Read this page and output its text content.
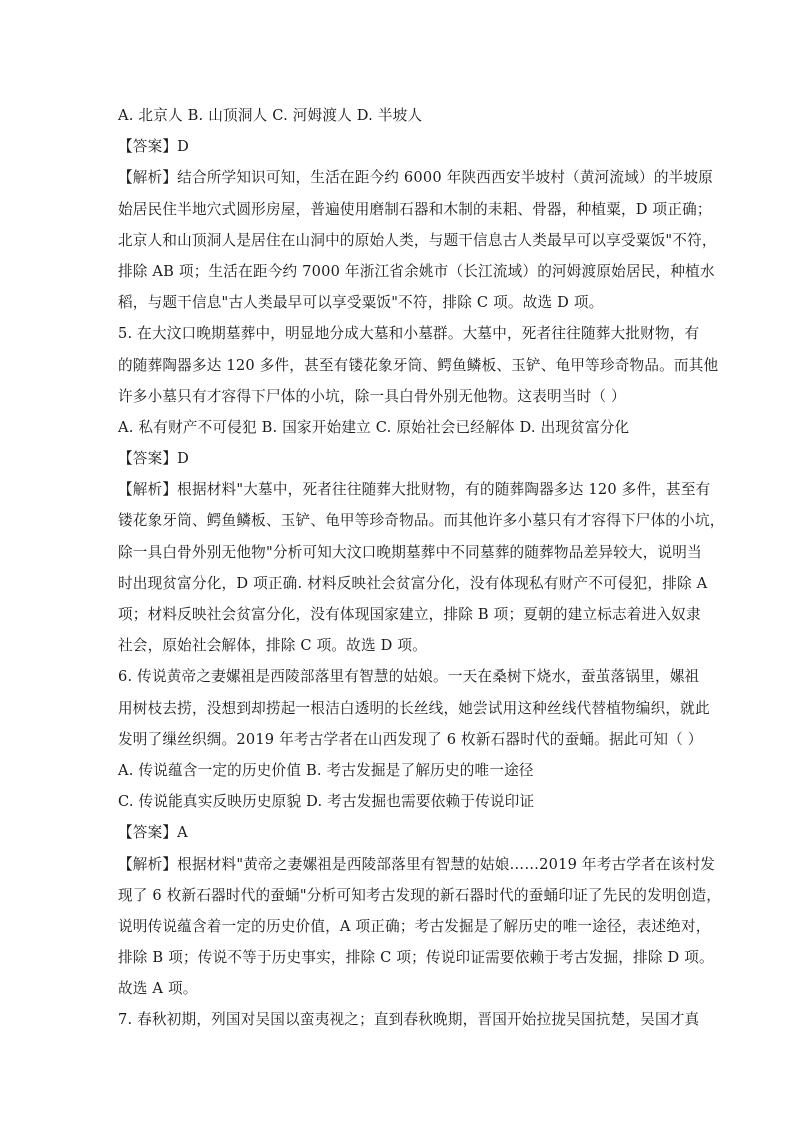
A. 北京人 B. 山顶洞人 C. 河姆渡人 D. 半坡人
【答案】D
【解析】结合所学知识可知，生活在距今约 6000 年陕西西安半坡村（黄河流域）的半坡原
始居民住半地穴式圆形房屋，普遍使用磨制石器和木制的耒耜、骨器，种植粟，D 项正确；
北京人和山顶洞人是居住在山洞中的原始人类，与题干信息古人类最早可以享受粟饭"不符，
排除 AB 项；生活在距今约 7000 年浙江省余姚市（长江流域）的河姆渡原始居民，种植水
稻，与题干信息"古人类最早可以享受粟饭"不符，排除 C 项。故选 D 项。
5. 在大汶口晚期墓葬中，明显地分成大墓和小墓群。大墓中，死者往往随葬大批财物，有
的随葬陶器多达 120 多件，甚至有镂花象牙筒、鳄鱼鳞板、玉铲、龟甲等珍奇物品。而其他
许多小墓只有才容得下尸体的小坑，除一具白骨外别无他物。这表明当时（ ）
A. 私有财产不可侵犯 B. 国家开始建立 C. 原始社会已经解体 D. 出现贫富分化
【答案】D
【解析】根据材料"大墓中，死者往往随葬大批财物，有的随葬陶器多达 120 多件，甚至有
镂花象牙筒、鳄鱼鳞板、玉铲、龟甲等珍奇物品。而其他许多小墓只有才容得下尸体的小坑，
除一具白骨外别无他物"分析可知大汶口晚期墓葬中不同墓葬的随葬物品差异较大，说明当
时出现贫富分化，D 项正确. 材料反映社会贫富分化，没有体现私有财产不可侵犯，排除 A
项；材料反映社会贫富分化，没有体现国家建立，排除 B 项；夏朝的建立标志着进入奴隶
社会，原始社会解体，排除 C 项。故选 D 项。
6. 传说黄帝之妻嫘祖是西陵部落里有智慧的姑娘。一天在桑树下烧水，蚕茧落锅里，嫘祖
用树枝去捞，没想到却捞起一根洁白透明的长丝线，她尝试用这种丝线代替植物编织，就此
发明了缫丝织绸。2019 年考古学者在山西发现了 6 枚新石器时代的蚕蛹。据此可知（ ）
A. 传说蕴含一定的历史价值 B. 考古发掘是了解历史的唯一途径
C. 传说能真实反映历史原貌 D. 考古发掘也需要依赖于传说印证
【答案】A
【解析】根据材料"黄帝之妻嫘祖是西陵部落里有智慧的姑娘……2019 年考古学者在该村发
现了 6 枚新石器时代的蚕蛹"分析可知考古发现的新石器时代的蚕蛹印证了先民的发明创造，
说明传说蕴含着一定的历史价值，A 项正确；考古发掘是了解历史的唯一途径，表述绝对，
排除 B 项；传说不等于历史事实，排除 C 项；传说印证需要依赖于考古发掘，排除 D 项。
故选 A 项。
7. 春秋初期，列国对吴国以蛮夷视之；直到春秋晚期，晋国开始拉拢吴国抗楚，吴国才真
